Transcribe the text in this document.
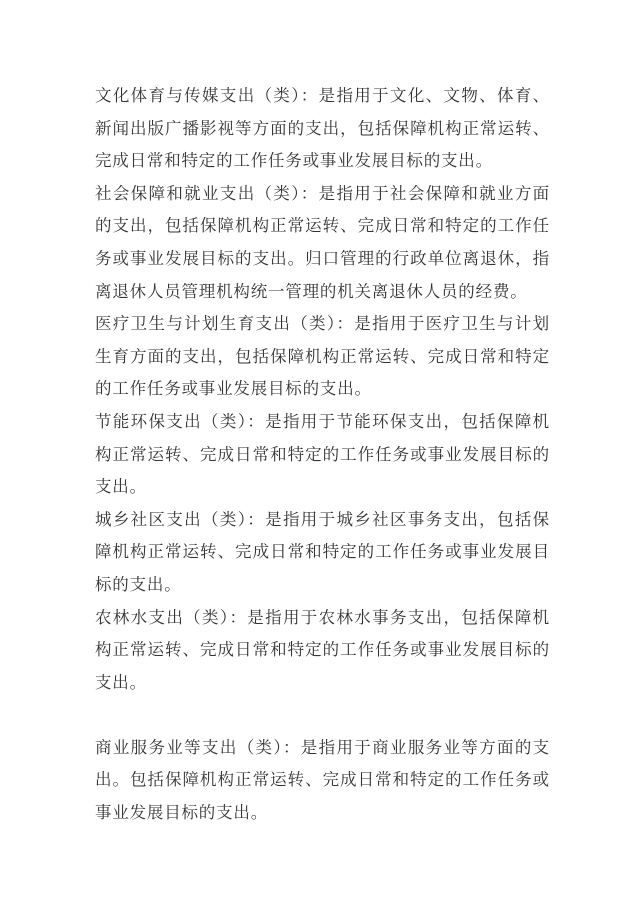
文化体育与传媒支出（类）：是指用于文化、文物、体育、新闻出版广播影视等方面的支出，包括保障机构正常运转、完成日常和特定的工作任务或事业发展目标的支出。

社会保障和就业支出（类）：是指用于社会保障和就业方面的支出，包括保障机构正常运转、完成日常和特定的工作任务或事业发展目标的支出。归口管理的行政单位离退休，指离退休人员管理机构统一管理的机关离退休人员的经费。

医疗卫生与计划生育支出（类）：是指用于医疗卫生与计划生育方面的支出，包括保障机构正常运转、完成日常和特定的工作任务或事业发展目标的支出。

节能环保支出（类）：是指用于节能环保支出，包括保障机构正常运转、完成日常和特定的工作任务或事业发展目标的支出。

城乡社区支出（类）：是指用于城乡社区事务支出，包括保障机构正常运转、完成日常和特定的工作任务或事业发展目标的支出。

农林水支出（类）：是指用于农林水事务支出，包括保障机构正常运转、完成日常和特定的工作任务或事业发展目标的支出。

商业服务业等支出（类）：是指用于商业服务业等方面的支出。包括保障机构正常运转、完成日常和特定的工作任务或事业发展目标的支出。
